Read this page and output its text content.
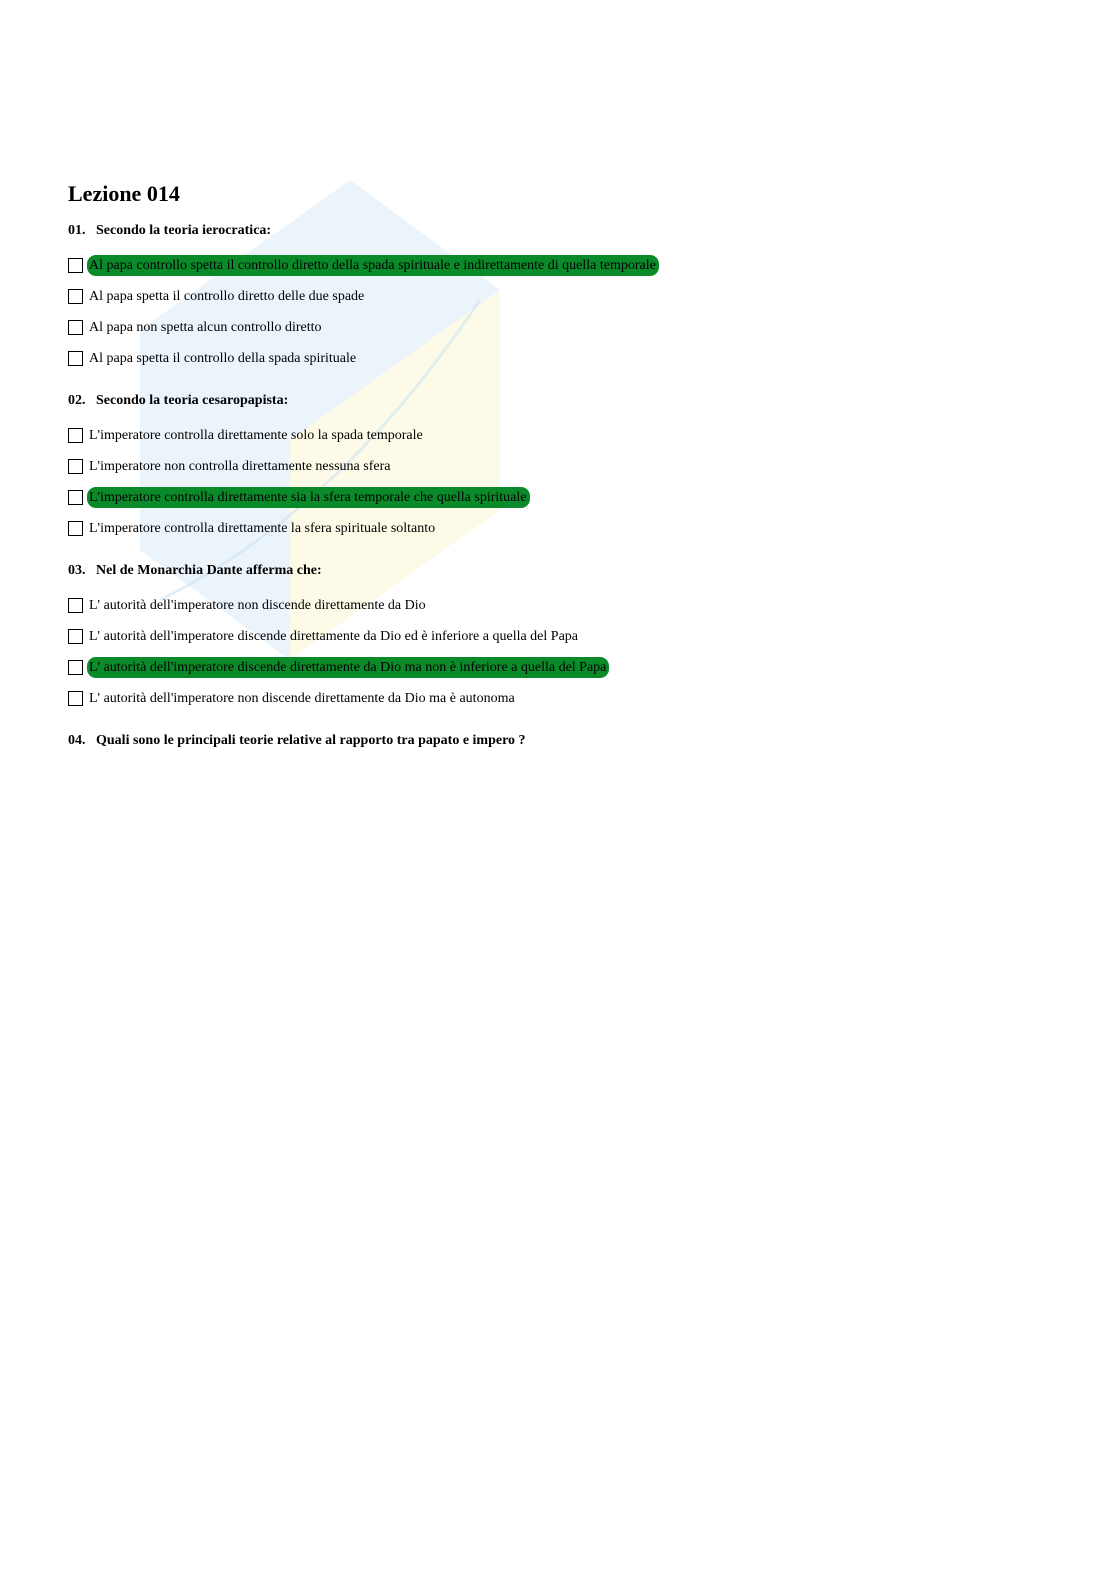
Lezione 014
01. Secondo la teoria ierocratica:
Al papa controllo spetta il controllo diretto della spada spirituale e indirettamente di quella temporale
Al papa spetta il controllo diretto delle due spade
Al papa non spetta alcun controllo diretto
Al papa spetta il controllo della spada spirituale
02. Secondo la teoria cesaropapista:
L'imperatore controlla direttamente solo la spada temporale
L'imperatore non controlla direttamente nessuna sfera
L'imperatore controlla direttamente sia la sfera temporale che quella spirituale
L'imperatore controlla direttamente la sfera spirituale soltanto
03. Nel de Monarchia Dante afferma che:
L' autorità dell'imperatore non discende direttamente da Dio
L' autorità dell'imperatore discende direttamente da Dio ed è inferiore a quella del Papa
L' autorità dell'imperatore discende direttamente da Dio ma non è inferiore a quella del Papa
L' autorità dell'imperatore non discende direttamente da Dio ma è autonoma
04. Quali sono le principali teorie relative al rapporto tra papato e impero ?
